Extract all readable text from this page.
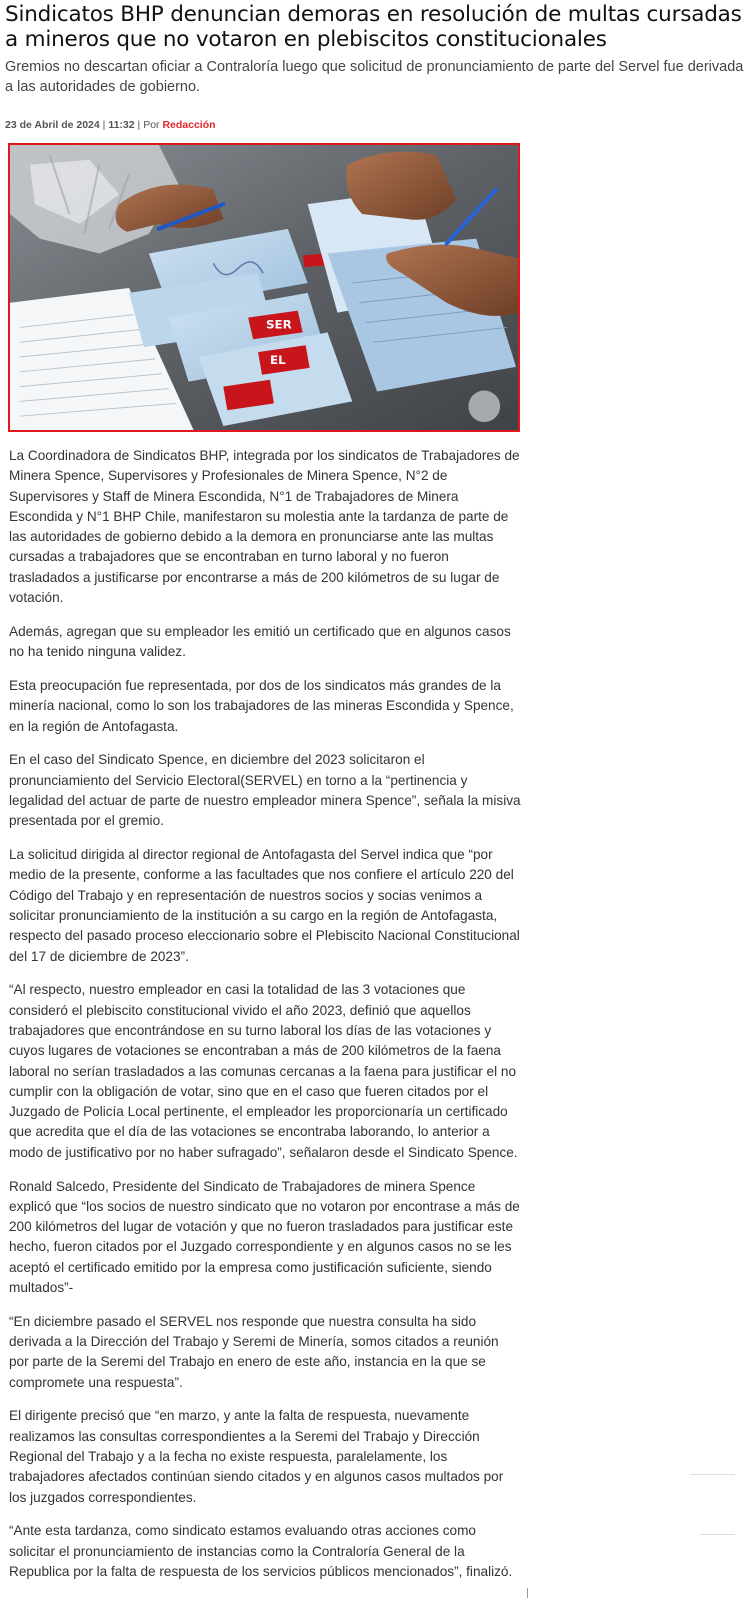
Sindicatos BHP denuncian demoras en resolución de multas cursadas a mineros que no votaron en plebiscitos constitucionales
Gremios no descartan oficiar a Contraloría luego que solicitud de pronunciamiento de parte del Servel fue derivada a las autoridades de gobierno.
23 de Abril de 2024 | 11:32 | Por Redacción
SER
EL

La Coordinadora de Sindicatos BHP, integrada por los sindicatos de Trabajadores de Minera Spence, Supervisores y Profesionales de Minera Spence, N°2 de Supervisores y Staff de Minera Escondida, N°1 de Trabajadores de Minera Escondida y N°1 BHP Chile, manifestaron su molestia ante la tardanza de parte de las autoridades de gobierno debido a la demora en pronunciarse ante las multas cursadas a trabajadores que se encontraban en turno laboral y no fueron trasladados a justificarse por encontrarse a más de 200 kilómetros de su lugar de votación.

Además, agregan que su empleador les emitió un certificado que en algunos casos no ha tenido ninguna validez.

Esta preocupación fue representada, por dos de los sindicatos más grandes de la minería nacional, como lo son los trabajadores de las mineras Escondida y Spence, en la región de Antofagasta.

En el caso del Sindicato Spence, en diciembre del 2023 solicitaron el pronunciamiento del Servicio Electoral(SERVEL) en torno a la “pertinencia y legalidad del actuar de parte de nuestro empleador minera Spence”, señala la misiva presentada por el gremio.

La solicitud dirigida al director regional de Antofagasta del Servel indica que “por medio de la presente, conforme a las facultades que nos confiere el artículo 220 del Código del Trabajo y en representación de nuestros socios y socias venimos a solicitar pronunciamiento de la institución a su cargo en la región de Antofagasta, respecto del pasado proceso eleccionario sobre el Plebiscito Nacional Constitucional del 17 de diciembre de 2023”.

“Al respecto, nuestro empleador en casi la totalidad de las 3 votaciones que consideró el plebiscito constitucional vivido el año 2023, definió que aquellos trabajadores que encontrándose en su turno laboral los días de las votaciones y cuyos lugares de votaciones se encontraban a más de 200 kilómetros de la faena laboral no serían trasladados a las comunas cercanas a la faena para justificar el no cumplir con la obligación de votar, sino que en el caso que fueren citados por el Juzgado de Policía Local pertinente, el empleador les proporcionaría un certificado que acredita que el día de las votaciones se encontraba laborando, lo anterior a modo de justificativo por no haber sufragado”, señalaron desde el Sindicato Spence.

Ronald Salcedo, Presidente del Sindicato de Trabajadores de minera Spence explicó que “los socios de nuestro sindicato que no votaron por encontrase a más de 200 kilómetros del lugar de votación y que no fueron trasladados para justificar este hecho, fueron citados por el Juzgado correspondiente y en algunos casos no se les aceptó el certificado emitido por la empresa como justificación suficiente, siendo multados”-

“En diciembre pasado el SERVEL nos responde que nuestra consulta ha sido derivada a la Dirección del Trabajo y Seremi de Minería, somos citados a reunión por parte de la Seremi del Trabajo en enero de este año, instancia en la que se compromete una respuesta”.

El dirigente precisó que “en marzo, y ante la falta de respuesta, nuevamente realizamos las consultas correspondientes a la Seremi del Trabajo y Dirección Regional del Trabajo y a la fecha no existe respuesta, paralelamente, los trabajadores afectados continúan siendo citados y en algunos casos multados por los juzgados correspondientes.

“Ante esta tardanza, como sindicato estamos evaluando otras acciones como solicitar el pronunciamiento de instancias como la Contraloría General de la Republica por la falta de respuesta de los servicios públicos mencionados”, finalizó.
